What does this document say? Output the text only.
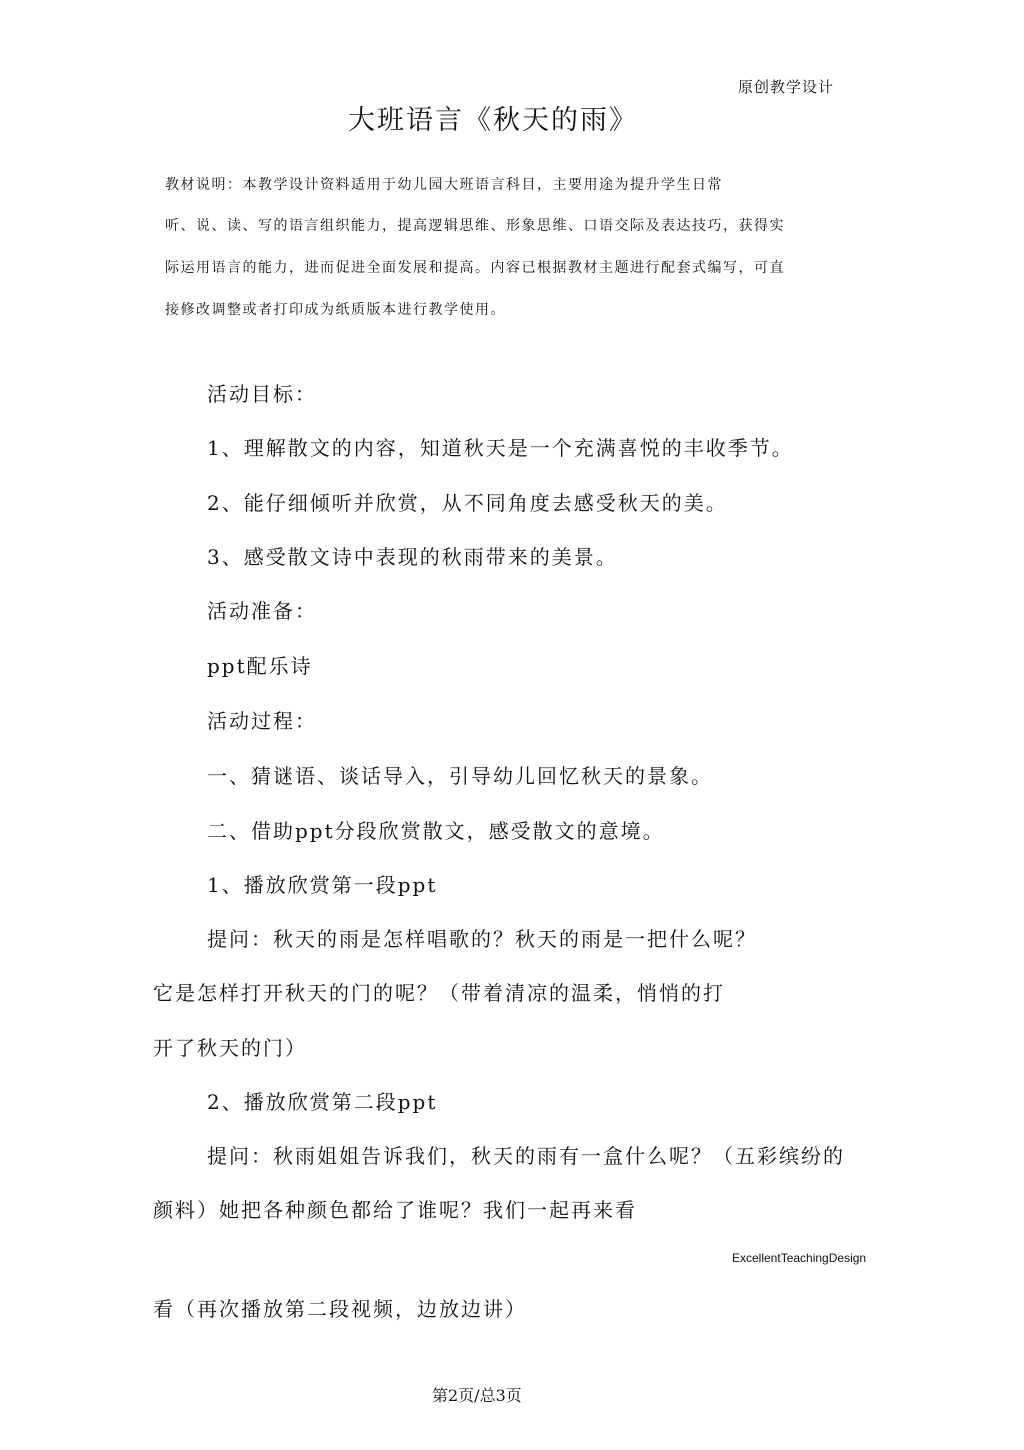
原创教学设计
大班语言《秋天的雨》
教材说明：本教学设计资料适用于幼儿园大班语言科目，主要用途为提升学生日常
听、说、读、写的语言组织能力，提高逻辑思维、形象思维、口语交际及表达技巧，获得实
际运用语言的能力，进而促进全面发展和提高。内容已根据教材主题进行配套式编写，可直
接修改调整或者打印成为纸质版本进行教学使用。
活动目标：
1、理解散文的内容，知道秋天是一个充满喜悦的丰收季节。
2、能仔细倾听并欣赏，从不同角度去感受秋天的美。
3、感受散文诗中表现的秋雨带来的美景。
活动准备：
ppt配乐诗
活动过程：
一、猜谜语、谈话导入，引导幼儿回忆秋天的景象。
二、借助ppt分段欣赏散文，感受散文的意境。
1、播放欣赏第一段ppt
提问：秋天的雨是怎样唱歌的？秋天的雨是一把什么呢？
它是怎样打开秋天的门的呢？（带着清凉的温柔，悄悄的打
开了秋天的门）
2、播放欣赏第二段ppt
提问：秋雨姐姐告诉我们，秋天的雨有一盒什么呢？（五彩缤纷的
颜料）她把各种颜色都给了谁呢？我们一起再来看
ExcellentTeachingDesign
看（再次播放第二段视频，边放边讲）
第2页/总3页
